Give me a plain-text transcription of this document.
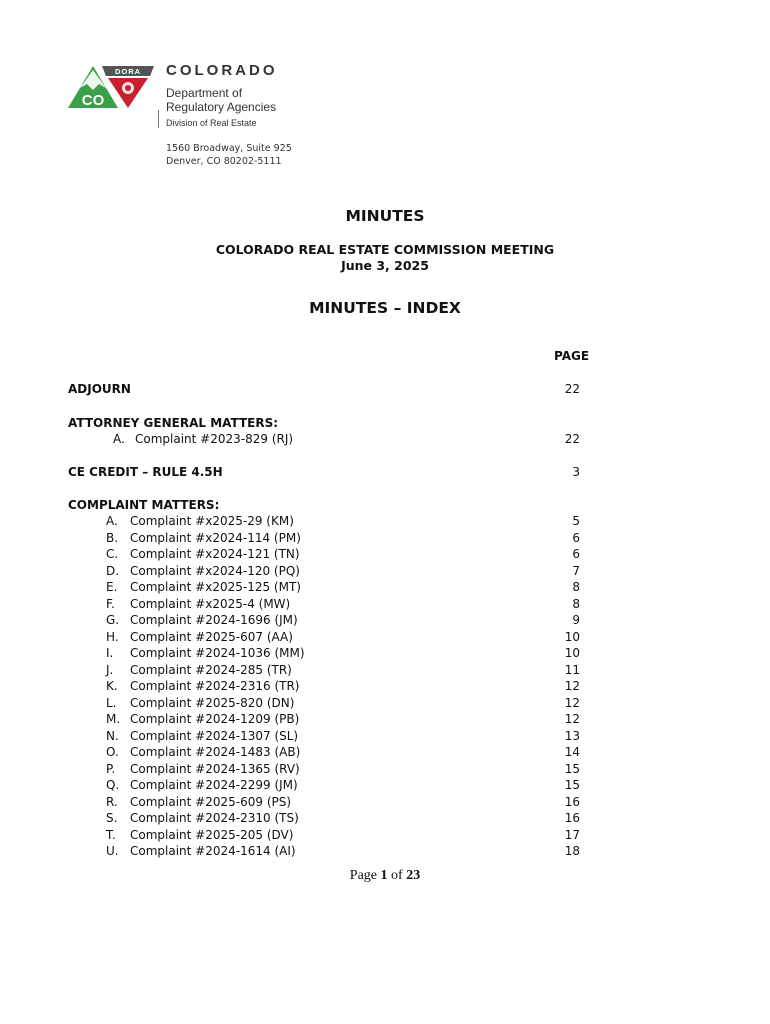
CO
DORA COLORADO
Department of
Regulatory Agencies
Division of Real Estate
1560 Broadway, Suite 925
Denver, CO 80202-5111
MINUTES
COLORADO REAL ESTATE COMMISSION MEETING
June 3, 2025
MINUTES – INDEX
PAGE
ADJOURN	22
ATTORNEY GENERAL MATTERS:
A. Complaint #2023-829 (RJ)	22
CE CREDIT – RULE 4.5H	3
COMPLAINT MATTERS:
A.	Complaint #x2025-29 (KM)	5
B. Complaint #x2024-114 (PM)	6
C. Complaint #x2024-121 (TN)	6
D. Complaint #x2024-120 (PQ)	7
E.	Complaint #x2025-125 (MT)	8
F.	Complaint #x2025-4 (MW)	8
G. Complaint #2024-1696 (JM)	9
H. Complaint #2025-607 (AA)	10
I.	Complaint #2024-1036 (MM)	10
J.	Complaint #2024-285 (TR)	11
K.	Complaint #2024-2316 (TR)	12
L.	Complaint #2025-820 (DN)	12
M. Complaint #2024-1209 (PB)	12
N. Complaint #2024-1307 (SL)	13
O. Complaint #2024-1483 (AB)	14
P.	Complaint #2024-1365 (RV)	15
Q. Complaint #2024-2299 (JM)	15
R.	Complaint #2025-609 (PS)	16
S.	Complaint #2024-2310 (TS)	16
T.	Complaint #2025-205 (DV)	17
U. Complaint #2024-1614 (AI)	18
Page 1 of 23
